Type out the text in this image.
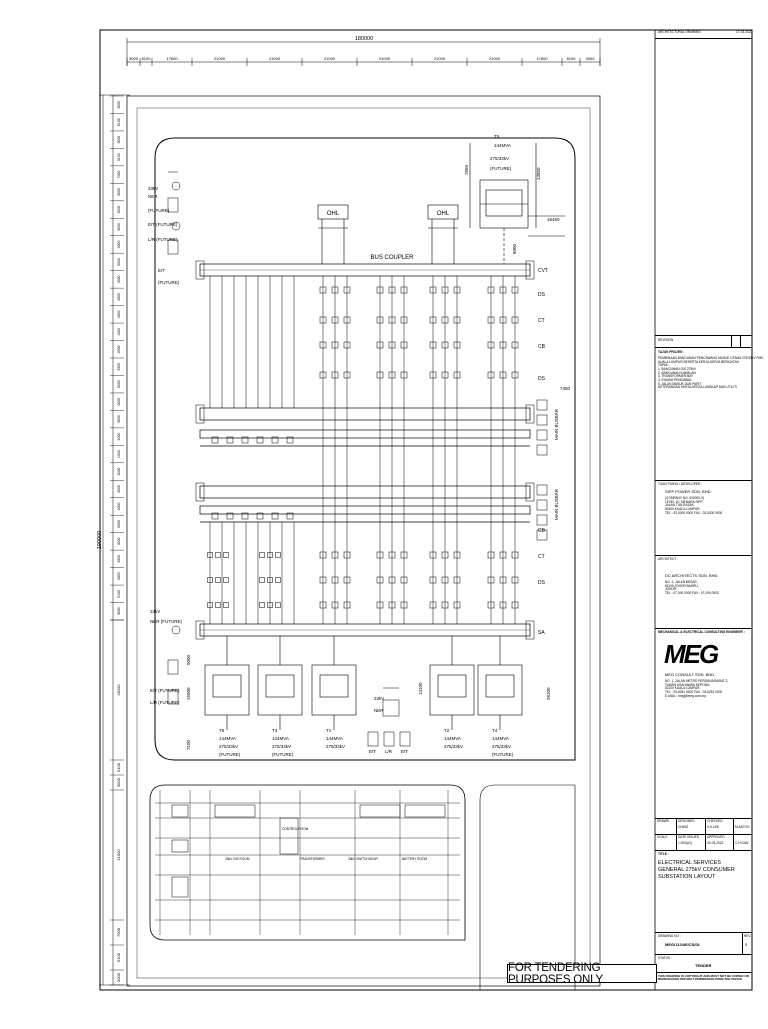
180000
3000 8100	17600	21000	21000	21000	21000	21000	21000	17600	8100	3000
190000
3000
6100
3000
5100
7000
3600
4000
4500
4000
5000
4000
4500
4000
1000
2000
3500
6000
6000
3500
2000
1000
4000
4500
4000
5000
4000
4500
4000
6100
3000
28100
5100
3000
21000
7000
6100
3000
OHL	OHL
BUS COUPLER
T5
144MVA
275/33kV
(FUTURE)
7850	13850
16450
6000
7400
CVT
DS
CT
CB
DS
CB
CT
DS
SA
MAIN BUSBAR
MAIN BUSBAR
33kV
NER
(FUTURE)
E/T (FUTURE)
L/R (FUTURE)
E/T
(FUTURE)
33kV
NER (FUTURE)
E/T (FUTURE)
L/R (FUTURE)
5000
15000
7100
13100	28100
T5
144MVA
275/33kV
(FUTURE)
T3
144MVA
275/33kV
(FUTURE)
T1
144MVA
275/33kV
T2
144MVA
275/33kV
T4
144MVA
275/33kV
(FUTURE)
33kV
NER
E/T L/R E/T
33kV GIS ROOM
CONTROL ROOM
TRANSFORMER	33kV SWITCHGEAR	BATTERY ROOM
ARCHITECTURAL DRAWING	17-03-2022
REVISION
TAJUK PROJEK :
PEMBINAAN BANGUNAN PENCAWANG MASUK UTAMA 275/33kV PMU
KUALA LUMPUR BESERTA KERJA-KERJA BERKAITAN
TAPAK :
1. BANGUNAN GIS 275kV
2. BANGUNAN KAWALAN
3. TRANSFORMER BAY
4. RUMAH PENGAWAL
5. JALAN MASUK DAN PARIT
KETERANGAN KERJA-KERJA LANSKAP DAN UTILITI
TUAN PUNYA / DEVELOPER :
SIPP POWER SDN. BHD.
(COMPANY NO. 000000-X)
LEVEL 10, MENARA SIPP,
JALAN TUN RAZAK,
50400 KUALA LUMPUR.
TEL : 03-0000 0000 FAX : 03-0000 0000
ARCHITECT :
DC ARCHITECTS SDN. BHD.
NO. 1, JALAN BESAR,
81100 JOHOR BAHRU,
JOHOR.
TEL : 07-000 0000 FAX : 07-000 0000
MECHANICAL & ELECTRICAL CONSULTING ENGINEER :
MEG
MEG CONSULT SDN. BHD.
NO. 1, JALAN METRO PERDANA BARAT 2,
TAMAN USAHAWAN KEPONG,
52100 KUALA LUMPUR.
TEL : 03-6251 0000 FAX : 03-6251 0000
E-MAIL : meg@meg.com.my
DRAWN
CHING
DESIGNED
K.K.LEE
CHECKED
M.ANTOS
SCALE
1:200(A1)
DATE ISSUED
02-03-2022
APPROVED
C.H.GAN
TITLE :
ELECTRICAL SERVICES
GENERAL 275kV CONSUMER
SUBSTATION LAYOUT
DRAWING NO :
MEG/1124/E/CS/01
REV.
0
STATUS :
TENDER
THIS DRAWING IS COPYRIGHT AND MUST NOT BE COPIED OR REPRODUCED WITHOUT PERMISSION FROM THE OFFICE
FOR TENDERING PURPOSES ONLY
